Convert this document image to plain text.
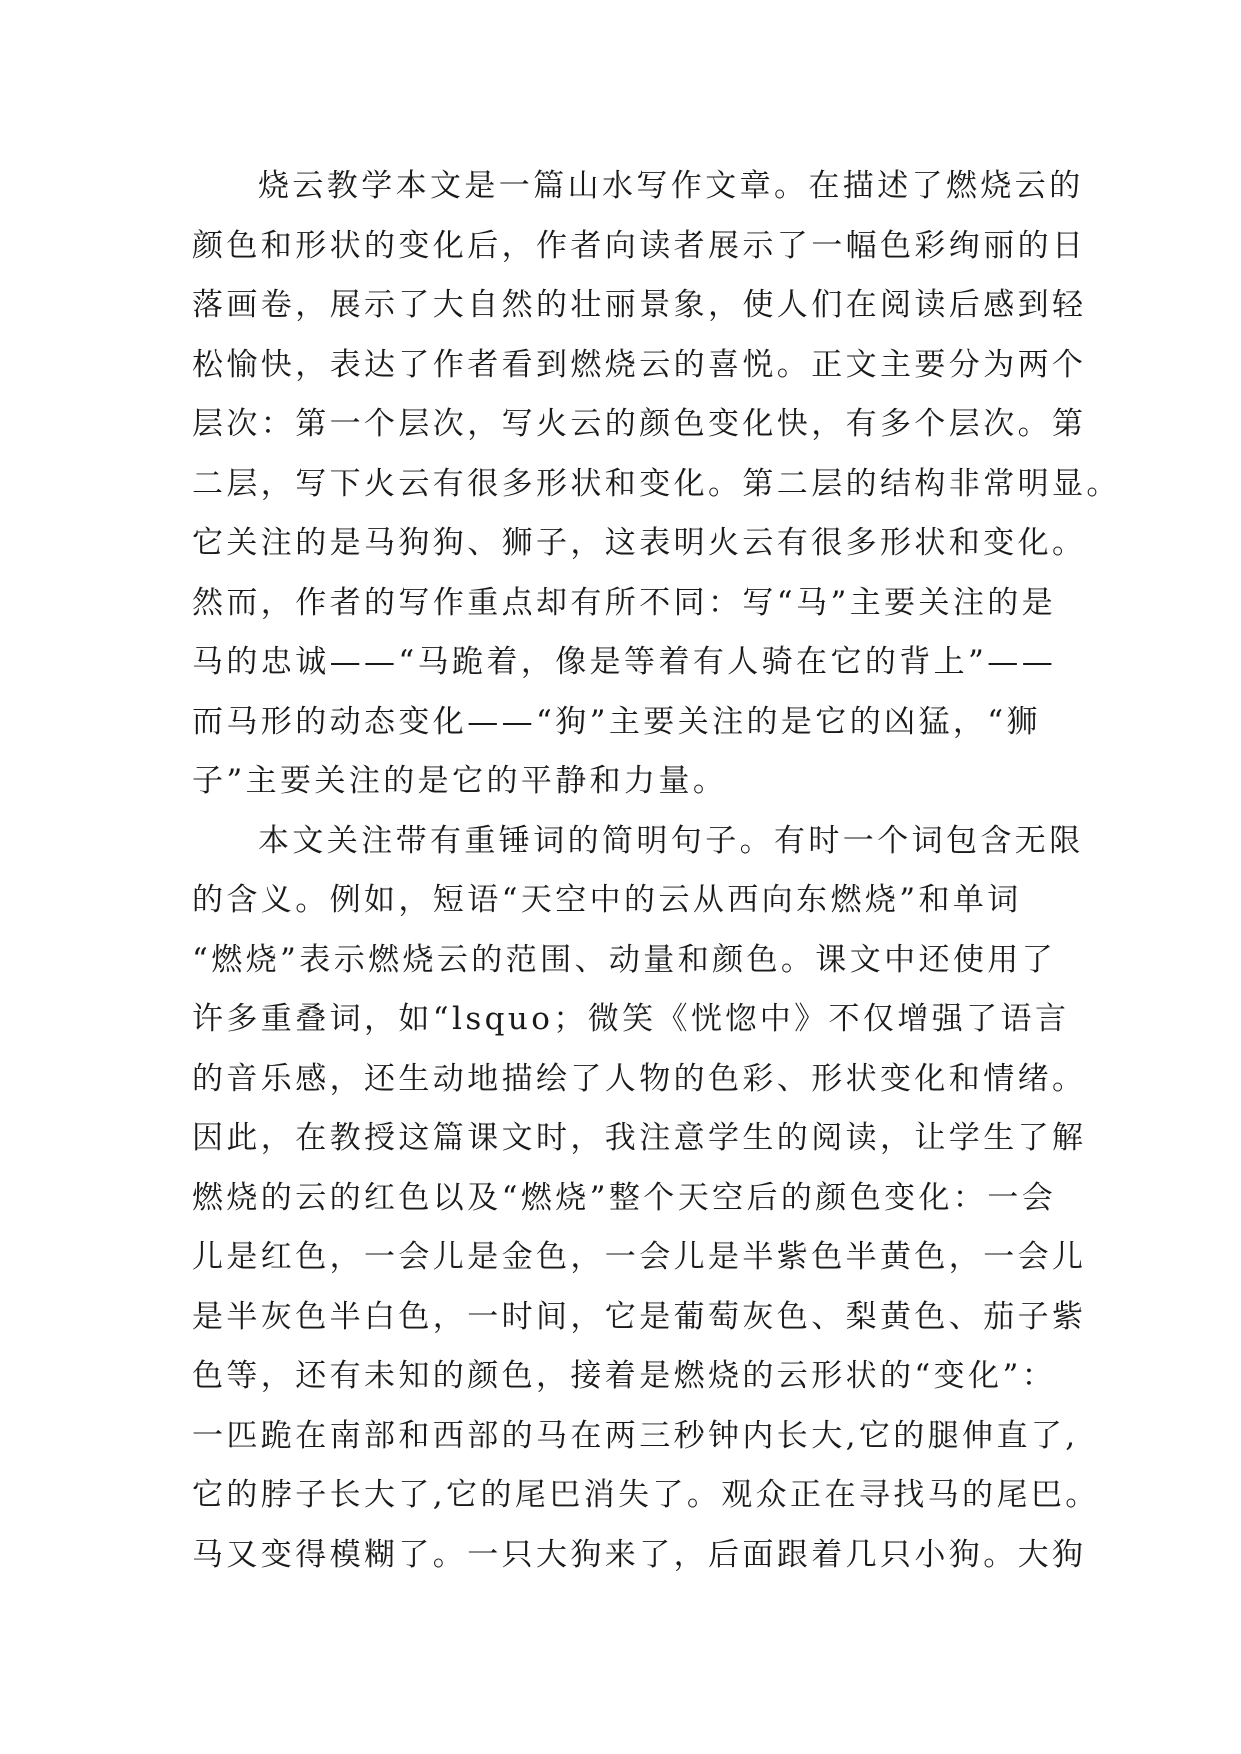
烧云教学本文是一篇山水写作文章。在描述了燃烧云的
颜色和形状的变化后，作者向读者展示了一幅色彩绚丽的日
落画卷，展示了大自然的壮丽景象，使人们在阅读后感到轻
松愉快，表达了作者看到燃烧云的喜悦。正文主要分为两个
层次：第一个层次，写火云的颜色变化快，有多个层次。第
二层，写下火云有很多形状和变化。第二层的结构非常明显。
它关注的是马狗狗、狮子，这表明火云有很多形状和变化。
然而，作者的写作重点却有所不同：写“马”主要关注的是
马的忠诚——“马跪着，像是等着有人骑在它的背上”——
而马形的动态变化——“狗”主要关注的是它的凶猛，“狮
子”主要关注的是它的平静和力量。
本文关注带有重锤词的简明句子。有时一个词包含无限
的含义。例如，短语“天空中的云从西向东燃烧”和单词
“燃烧”表示燃烧云的范围、动量和颜色。课文中还使用了
许多重叠词，如“lsquo；微笑《恍惚中》不仅增强了语言
的音乐感，还生动地描绘了人物的色彩、形状变化和情绪。
因此，在教授这篇课文时，我注意学生的阅读，让学生了解
燃烧的云的红色以及“燃烧”整个天空后的颜色变化：一会
儿是红色，一会儿是金色，一会儿是半紫色半黄色，一会儿
是半灰色半白色，一时间，它是葡萄灰色、梨黄色、茄子紫
色等，还有未知的颜色，接着是燃烧的云形状的“变化”：
一匹跪在南部和西部的马在两三秒钟内长大,它的腿伸直了,
它的脖子长大了,它的尾巴消失了。观众正在寻找马的尾巴。
马又变得模糊了。一只大狗来了，后面跟着几只小狗。大狗
